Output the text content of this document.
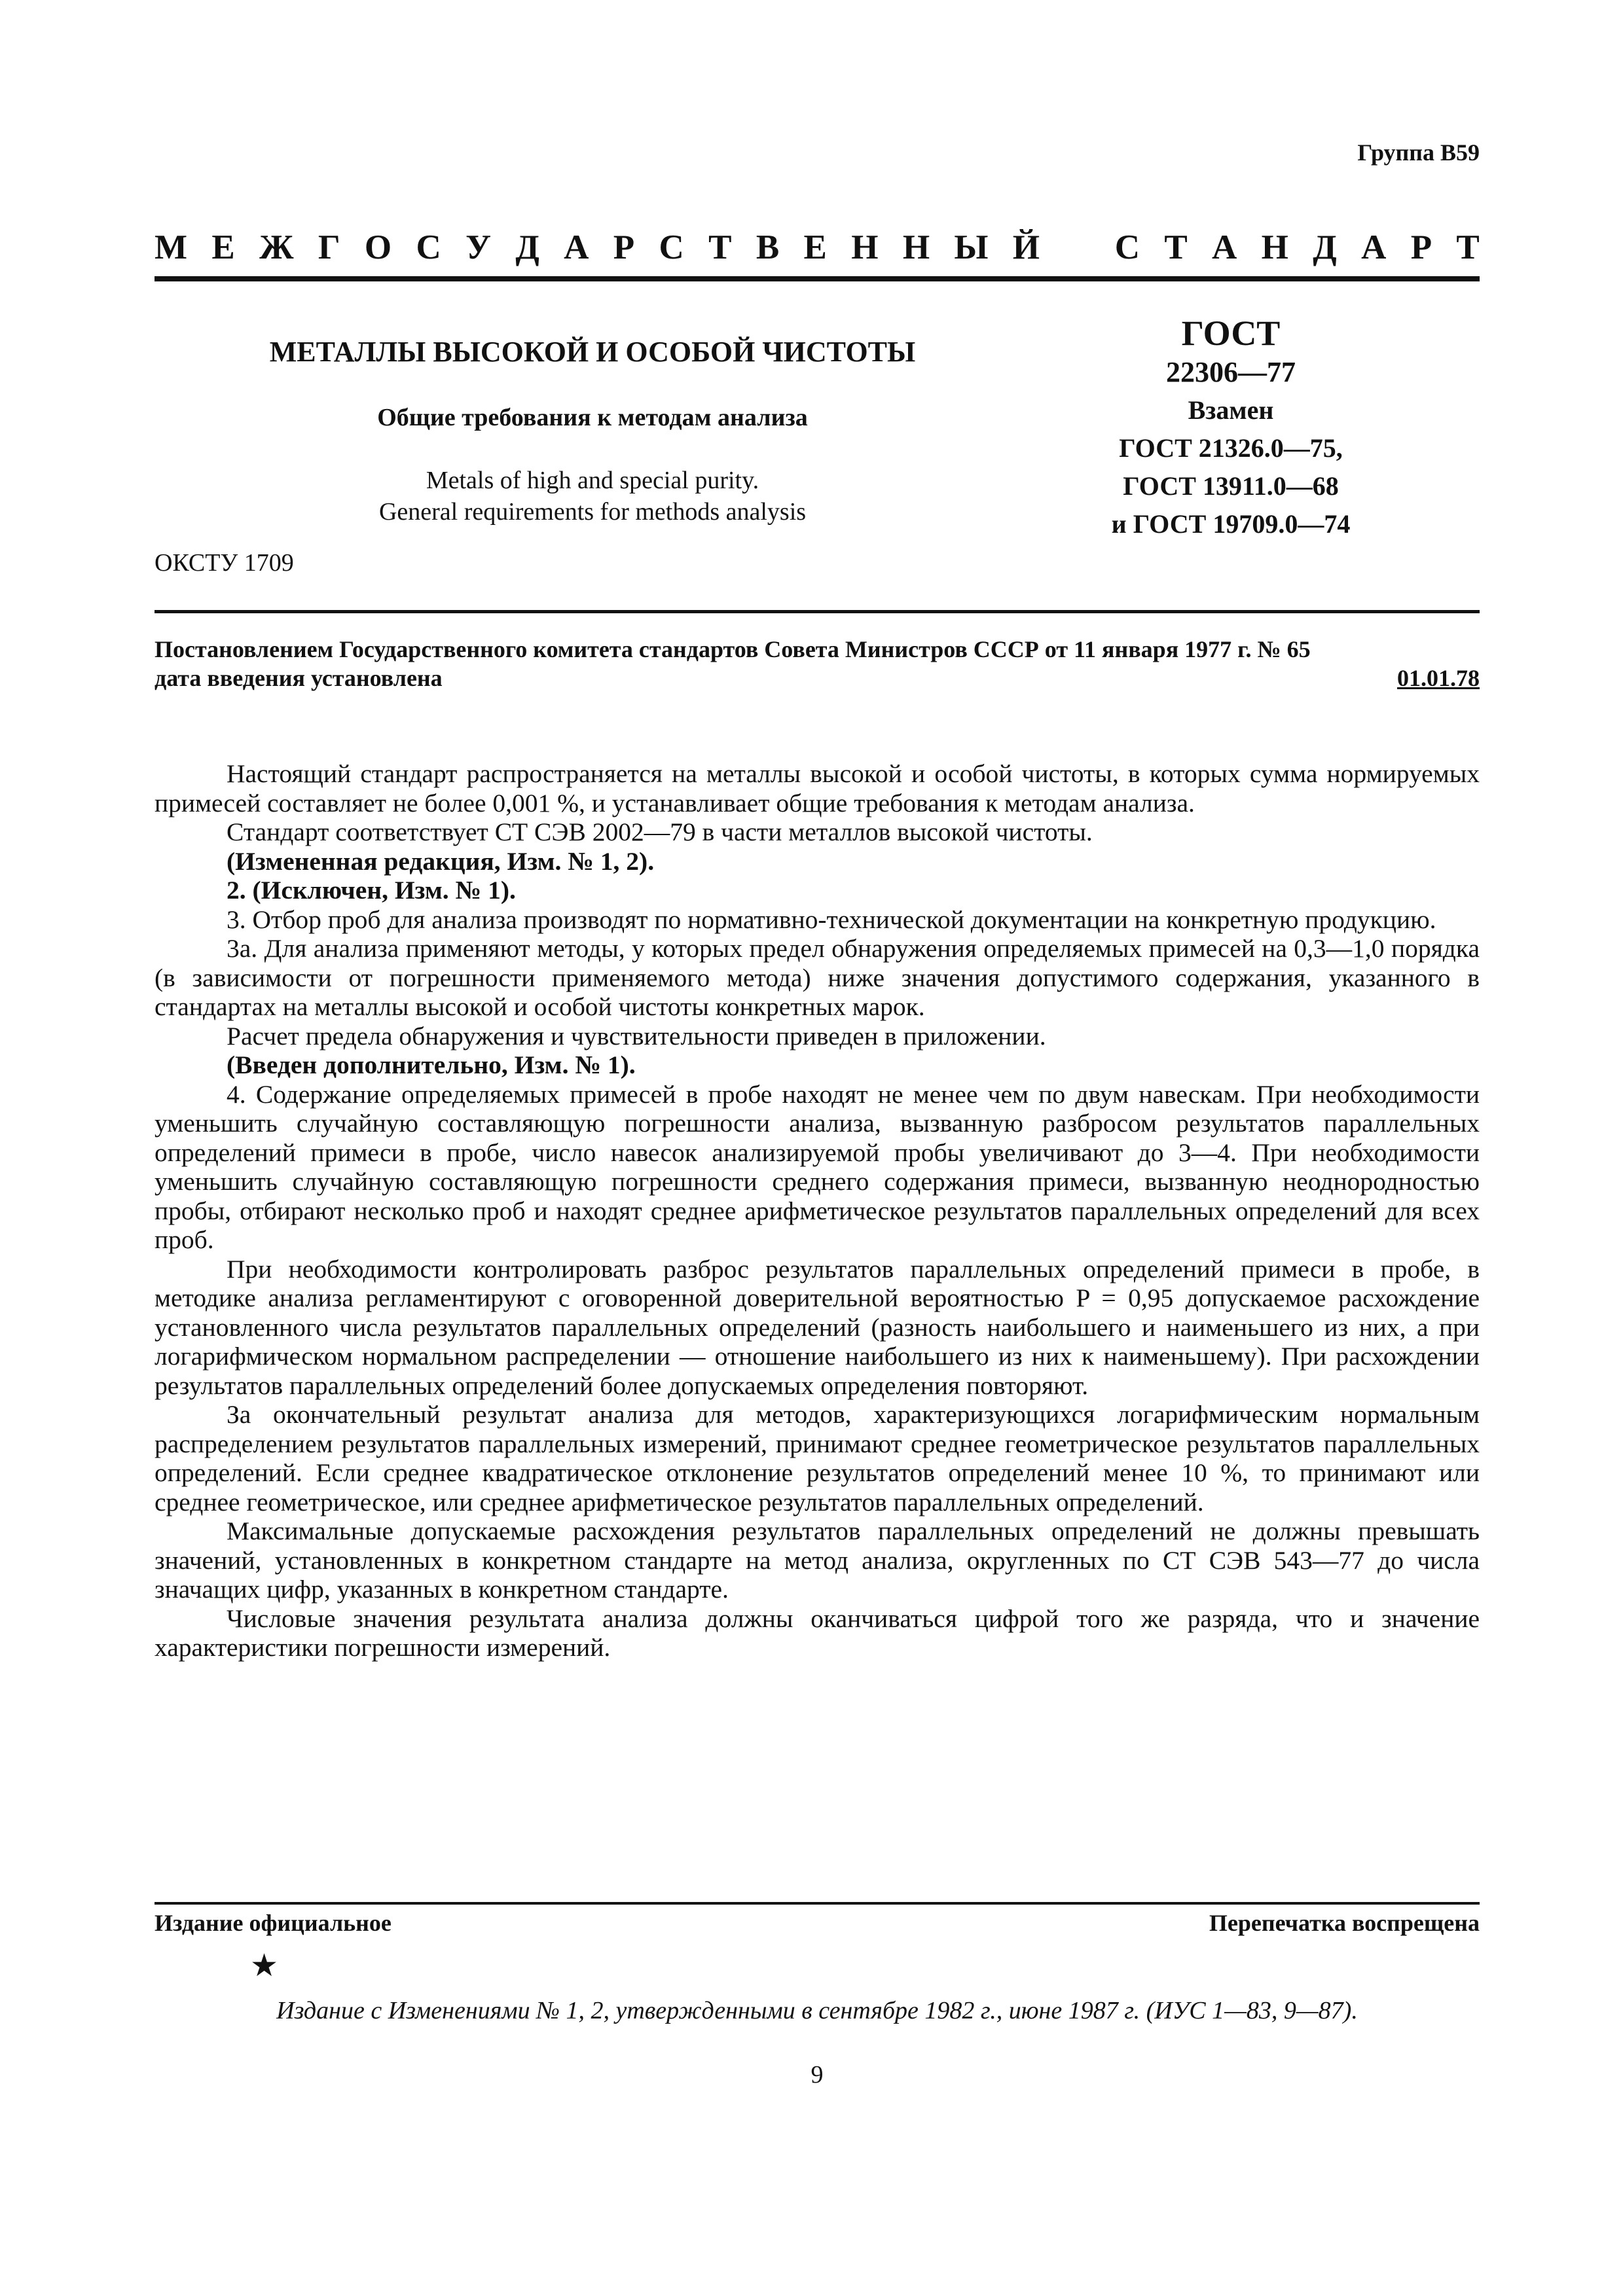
Группа В59
М Е Ж Г О С У Д А Р С Т В Е Н Н Ы Й С Т А Н Д А Р Т
МЕТАЛЛЫ ВЫСОКОЙ И ОСОБОЙ ЧИСТОТЫ
Общие требования к методам анализа
Metals of high and special purity.
General requirements for methods analysis
ГОСТ
22306—77
Взамен
ГОСТ 21326.0—75,
ГОСТ 13911.0—68
и ГОСТ 19709.0—74
ОКСТУ 1709
Постановлением Государственного комитета стандартов Совета Министров СССР от 11 января 1977 г. № 65
дата введения установлена	01.01.78

Настоящий стандарт распространяется на металлы высокой и особой чистоты, в которых сумма нормируемых примесей составляет не более 0,001 %, и устанавливает общие требования к методам анализа.

Стандарт соответствует СТ СЭВ 2002—79 в части металлов высокой чистоты.

(Измененная редакция, Изм. № 1, 2).

2. (Исключен, Изм. № 1).

3. Отбор проб для анализа производят по нормативно-технической документации на конкретную продукцию.

3а. Для анализа применяют методы, у которых предел обнаружения определяемых примесей на 0,3—1,0 порядка (в зависимости от погрешности применяемого метода) ниже значения допустимого содержания, указанного в стандартах на металлы высокой и особой чистоты конкретных марок.

Расчет предела обнаружения и чувствительности приведен в приложении.

(Введен дополнительно, Изм. № 1).

4. Содержание определяемых примесей в пробе находят не менее чем по двум навескам. При необходимости уменьшить случайную составляющую погрешности анализа, вызванную разбросом результатов параллельных определений примеси в пробе, число навесок анализируемой пробы увеличивают до 3—4. При необходимости уменьшить случайную составляющую погрешности среднего содержания примеси, вызванную неоднородностью пробы, отбирают несколько проб и находят среднее арифметическое результатов параллельных определений для всех проб.

При необходимости контролировать разброс результатов параллельных определений примеси в пробе, в методике анализа регламентируют с оговоренной доверительной вероятностью P = 0,95 допускаемое расхождение установленного числа результатов параллельных определений (разность наибольшего и наименьшего из них, а при логарифмическом нормальном распределении — отношение наибольшего из них к наименьшему). При расхождении результатов параллельных определений более допускаемых определения повторяют.

За окончательный результат анализа для методов, характеризующихся логарифмическим нормальным распределением результатов параллельных измерений, принимают среднее геометрическое результатов параллельных определений. Если среднее квадратическое отклонение результатов определений менее 10 %, то принимают или среднее геометрическое, или среднее арифметическое результатов параллельных определений.

Максимальные допускаемые расхождения результатов параллельных определений не должны превышать значений, установленных в конкретном стандарте на метод анализа, округленных по СТ СЭВ 543—77 до числа значащих цифр, указанных в конкретном стандарте.

Числовые значения результата анализа должны оканчиваться цифрой того же разряда, что и значение характеристики погрешности измерений.

Издание официальное	Перепечатка воспрещена
★
Издание с Изменениями № 1, 2, утвержденными в сентябре 1982 г., июне 1987 г. (ИУС 1—83, 9—87).
9
